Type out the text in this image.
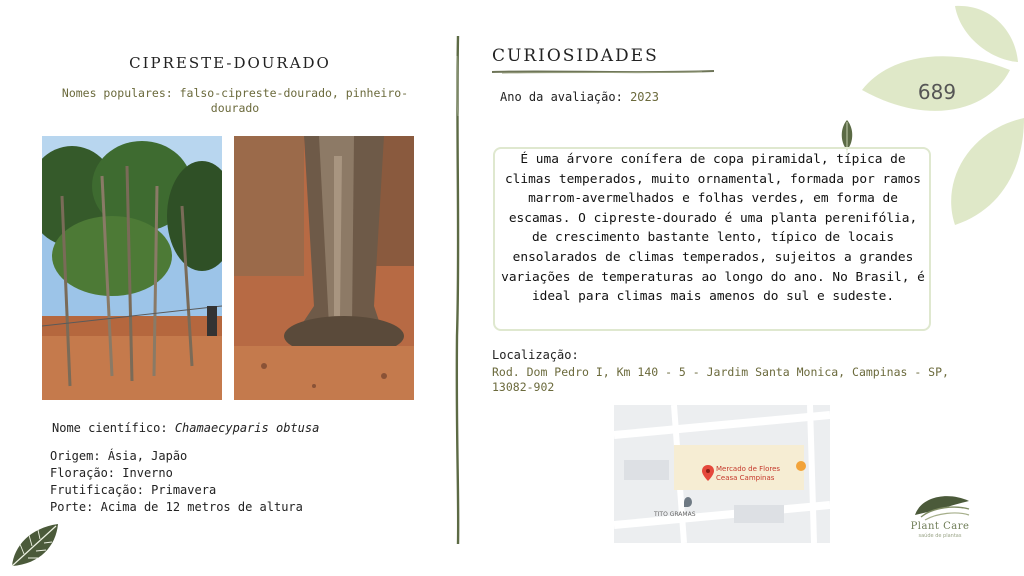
CIPRESTE-DOURADO
Nomes populares: falso-cipreste-dourado, pinheiro-dourado
Nome científico: Chamaecyparis obtusa
Origem: Ásia, Japão
Floração: Inverno
Frutificação: Primavera
Porte: Acima de 12 metros de altura
CURIOSIDADES
Ano da avaliação: 2023	689
É uma árvore conífera de copa piramidal, típica de climas temperados, muito ornamental, formada por ramos marrom-avermelhados e folhas verdes, em forma de escamas. O cipreste-dourado é uma planta perenifólia, de crescimento bastante lento, típico de locais ensolarados de climas temperados, sujeitos a grandes variações de temperaturas ao longo do ano. No Brasil, é ideal para climas mais amenos do sul e sudeste.
Localização:
Rod. Dom Pedro I, Km 140 - 5 - Jardim Santa Monica, Campinas - SP, 13082-902
Mercado de Flores
Ceasa Campinas
TITO GRAMAS
Plant Care
saúde de plantas
